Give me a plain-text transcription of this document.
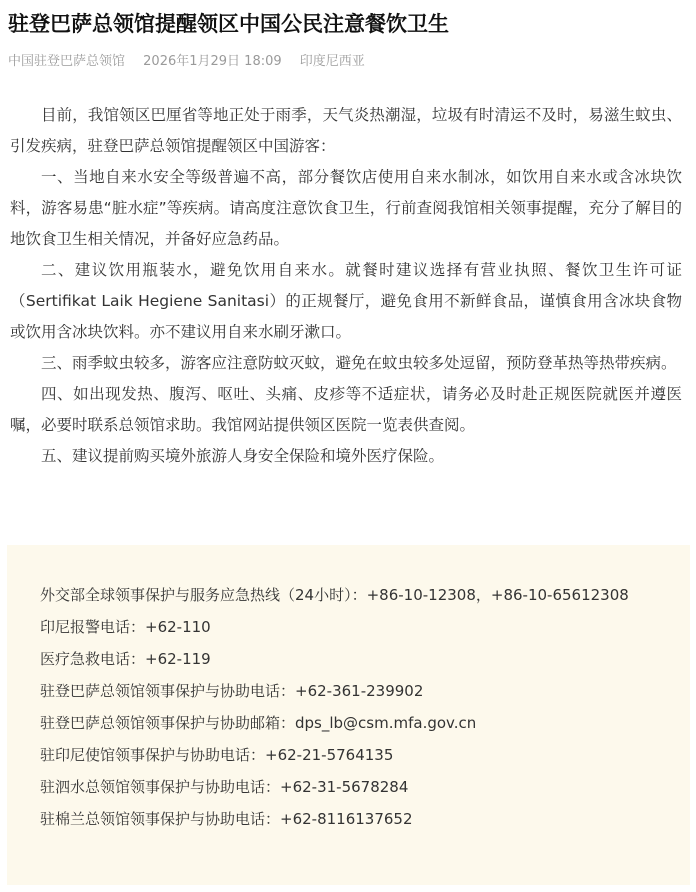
驻登巴萨总领馆提醒领区中国公民注意餐饮卫生
中国驻登巴萨总领馆 2026年1月29日 18:09 印度尼西亚

目前，我馆领区巴厘省等地正处于雨季，天气炎热潮湿，垃圾有时清运不及时，易滋生蚊虫、引发疾病，驻登巴萨总领馆提醒领区中国游客：

一、当地自来水安全等级普遍不高，部分餐饮店使用自来水制冰，如饮用自来水或含冰块饮料，游客易患“脏水症”等疾病。请高度注意饮食卫生，行前查阅我馆相关领事提醒，充分了解目的地饮食卫生相关情况，并备好应急药品。

二、建议饮用瓶装水，避免饮用自来水。就餐时建议选择有营业执照、餐饮卫生许可证（Sertifikat Laik Hegiene Sanitasi）的正规餐厅，避免食用不新鲜食品，谨慎食用含冰块食物或饮用含冰块饮料。亦不建议用自来水刷牙漱口。

三、雨季蚊虫较多，游客应注意防蚊灭蚊，避免在蚊虫较多处逗留，预防登革热等热带疾病。

四、如出现发热、腹泻、呕吐、头痛、皮疹等不适症状，请务必及时赴正规医院就医并遵医嘱，必要时联系总领馆求助。我馆网站提供领区医院一览表供查阅。

五、建议提前购买境外旅游人身安全保险和境外医疗保险。

外交部全球领事保护与服务应急热线（24小时）：+86-10-12308，+86-10-65612308
印尼报警电话：+62-110
医疗急救电话：+62-119
驻登巴萨总领馆领事保护与协助电话：+62-361-239902
驻登巴萨总领馆领事保护与协助邮箱：dps_lb@csm.mfa.gov.cn
驻印尼使馆领事保护与协助电话：+62-21-5764135
驻泗水总领馆领事保护与协助电话：+62-31-5678284
驻棉兰总领馆领事保护与协助电话：+62-8116137652
